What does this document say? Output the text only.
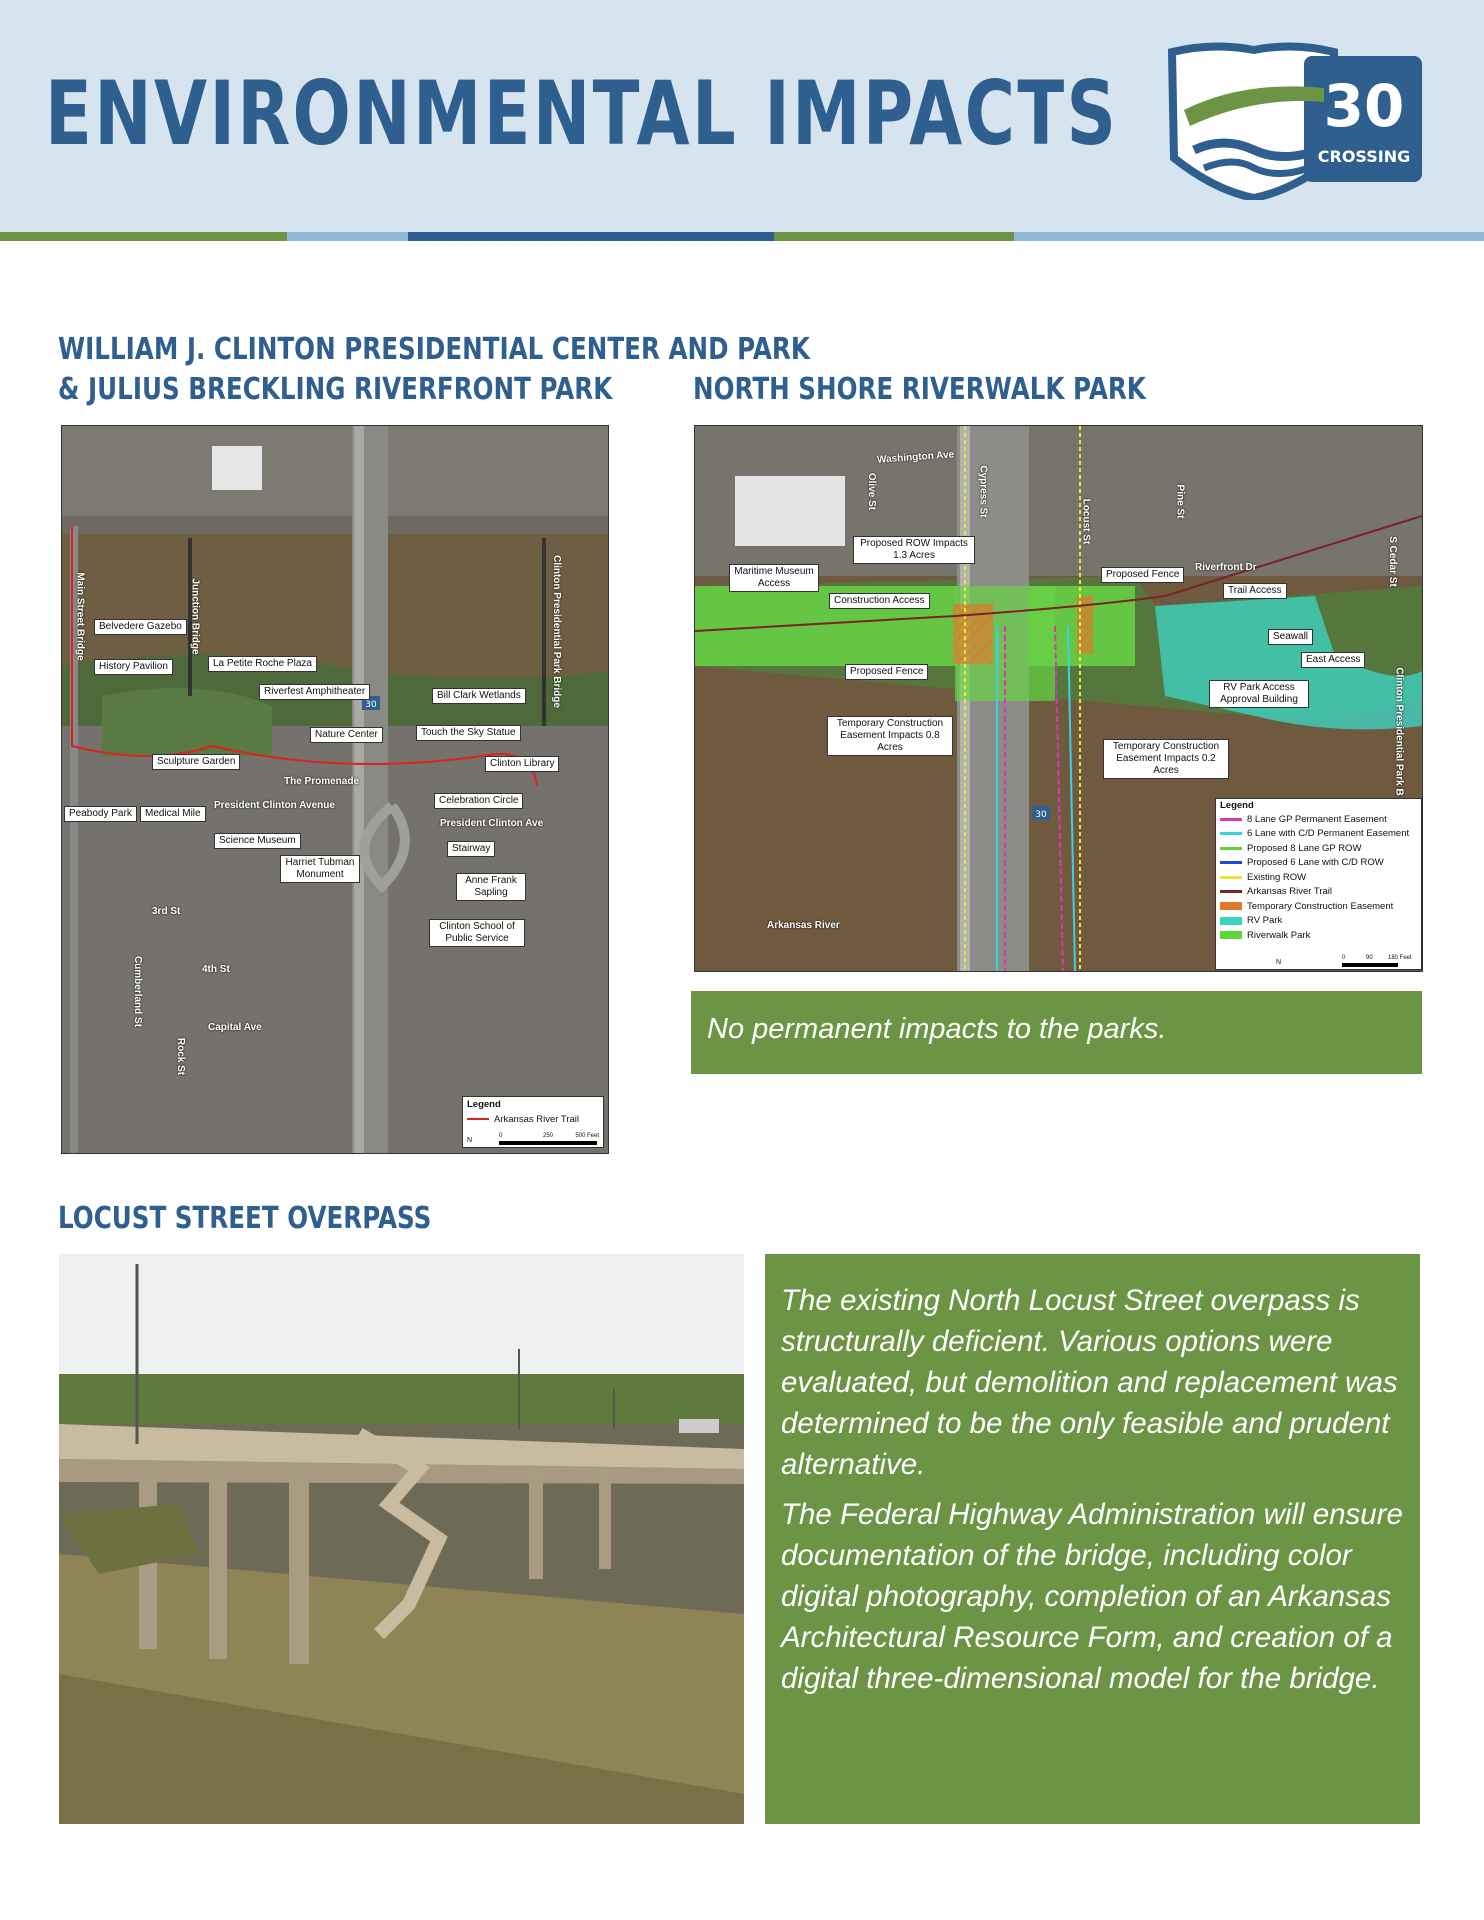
ENVIRONMENTAL IMPACTS	30
CROSSING
WILLIAM J. CLINTON PRESIDENTIAL CENTER AND PARK
& JULIUS BRECKLING RIVERFRONT PARK
30
Belvedere Gazebo
History Pavilion	La Petite Roche Plaza
Riverfest Amphitheater	Bill Clark Wetlands
Nature Center	Touch the Sky Statue
Sculpture Garden	Clinton Library
Celebration Circle
Peabody Park	Medical Mile
Science Museum
Stairway
Harriet Tubman Monument
Anne Frank Sapling
Clinton School of Public Service
Main Street Bridge	Junction Bridge	Clinton Presidential Park Bridge
The Promenade
President Clinton Avenue
President Clinton Ave
3rd St
4th St
Capital Ave
Cumberland St
Rock St
Legend
Arkansas River Trail
N
0	250	500 Feet
NORTH SHORE RIVERWALK PARK
30
Maritime Museum Access
Proposed ROW Impacts 1.3 Acres
Proposed Fence
Construction Access
Trail Access
Seawall
East Access
Proposed Fence
RV Park Access Approval Building
Temporary Construction Easement Impacts 0.8 Acres	Temporary Construction Easement Impacts 0.2 Acres
Washington Ave
Olive St	Cypress St
Locust St	Pine St
Riverfront Dr	S Cedar St
Clinton Presidential Park B
Arkansas River
Legend
8 Lane GP Permanent Easement
6 Lane with C/D Permanent Easement
Proposed 8 Lane GP ROW
Proposed 6 Lane with C/D ROW
Existing ROW
Arkansas River Trail
Temporary Construction Easement
RV Park
Riverwalk Park
N
0	90	180 Feet
No permanent impacts to the parks.
LOCUST STREET OVERPASS
The existing North Locust Street overpass is structurally deficient. Various options were evaluated, but demolition and replacement was determined to be the only feasible and prudent alternative.
The Federal Highway Administration will ensure documentation of the bridge, including color digital photography, completion of an Arkansas Architectural Resource Form, and creation of a digital three-dimensional model for the bridge.
